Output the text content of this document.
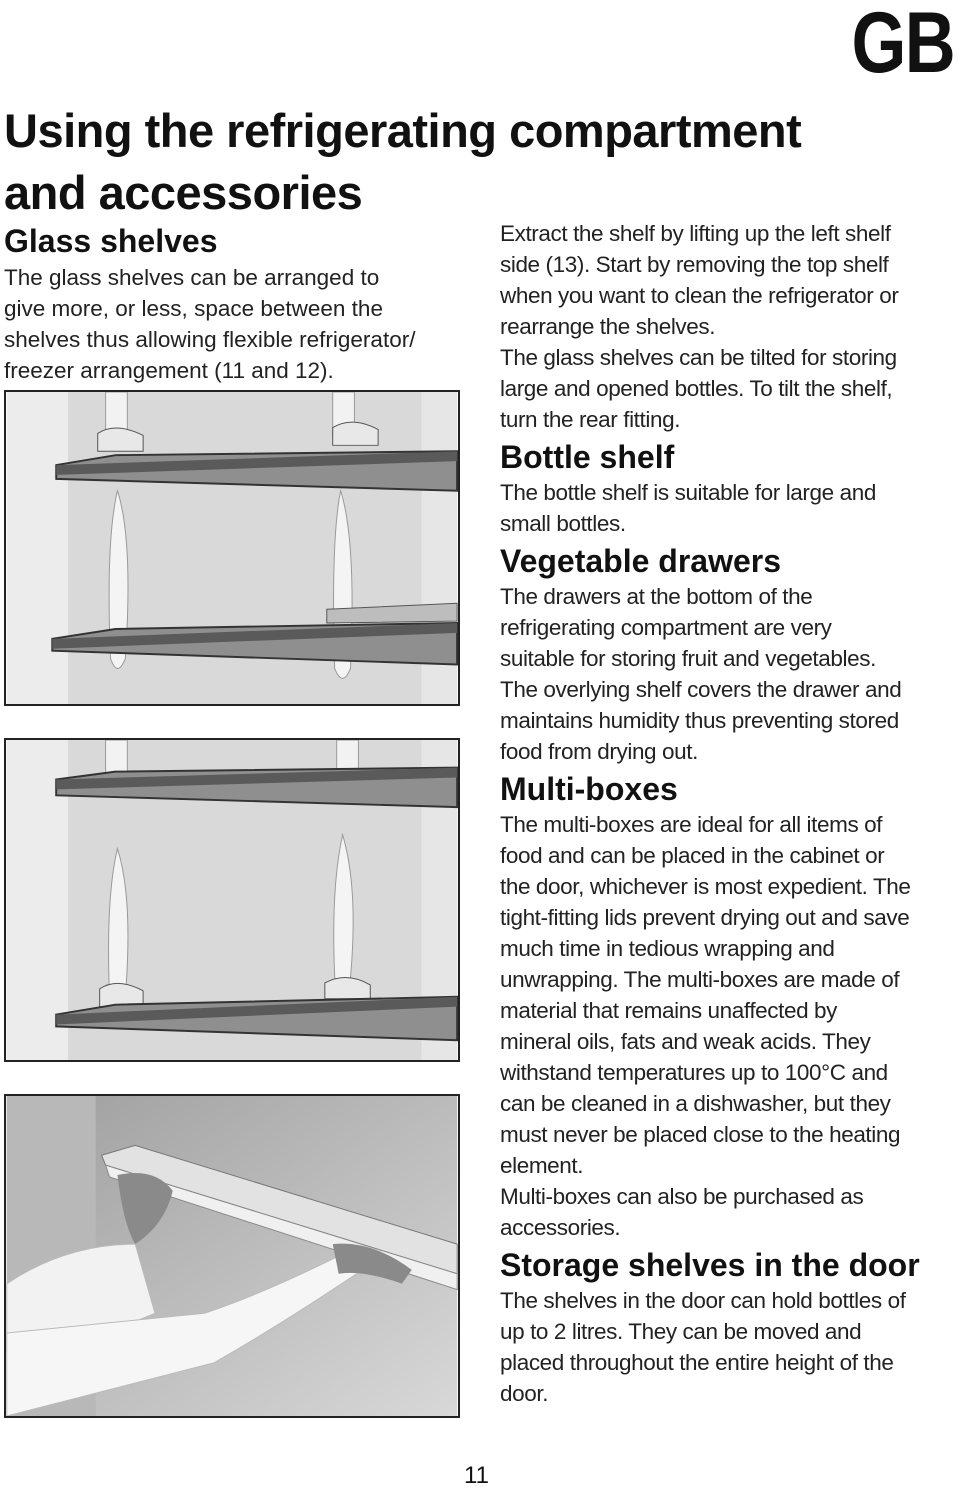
GB
Using the refrigerating compartment
and accessories
Glass shelves

The glass shelves can be arranged to

give more, or less, space between the

shelves thus allowing flexible refrigerator/

freezer arrangement (11 and 12).

Extract the shelf by lifting up the left shelf

side (13). Start by removing the top shelf

when you want to clean the refrigerator or

rearrange the shelves.

The glass shelves can be tilted for storing

large and opened bottles. To tilt the shelf,

turn the rear fitting.

Bottle shelf

The bottle shelf is suitable for large and

small bottles.

Vegetable drawers

The drawers at the bottom of the

refrigerating compartment are very

suitable for storing fruit and vegetables.

The overlying shelf covers the drawer and

maintains humidity thus preventing stored

food from drying out.

Multi-boxes

The multi-boxes are ideal for all items of

food and can be placed in the cabinet or

the door, whichever is most expedient. The

tight-fitting lids prevent drying out and save

much time in tedious wrapping and

unwrapping. The multi-boxes are made of

material that remains unaffected by

mineral oils, fats and weak acids. They

withstand temperatures up to 100°C and

can be cleaned in a dishwasher, but they

must never be placed close to the heating

element.

Multi-boxes can also be purchased as

accessories.

Storage shelves in the door

The shelves in the door can hold bottles of

up to 2 litres. They can be moved and

placed throughout the entire height of the

door.

11
